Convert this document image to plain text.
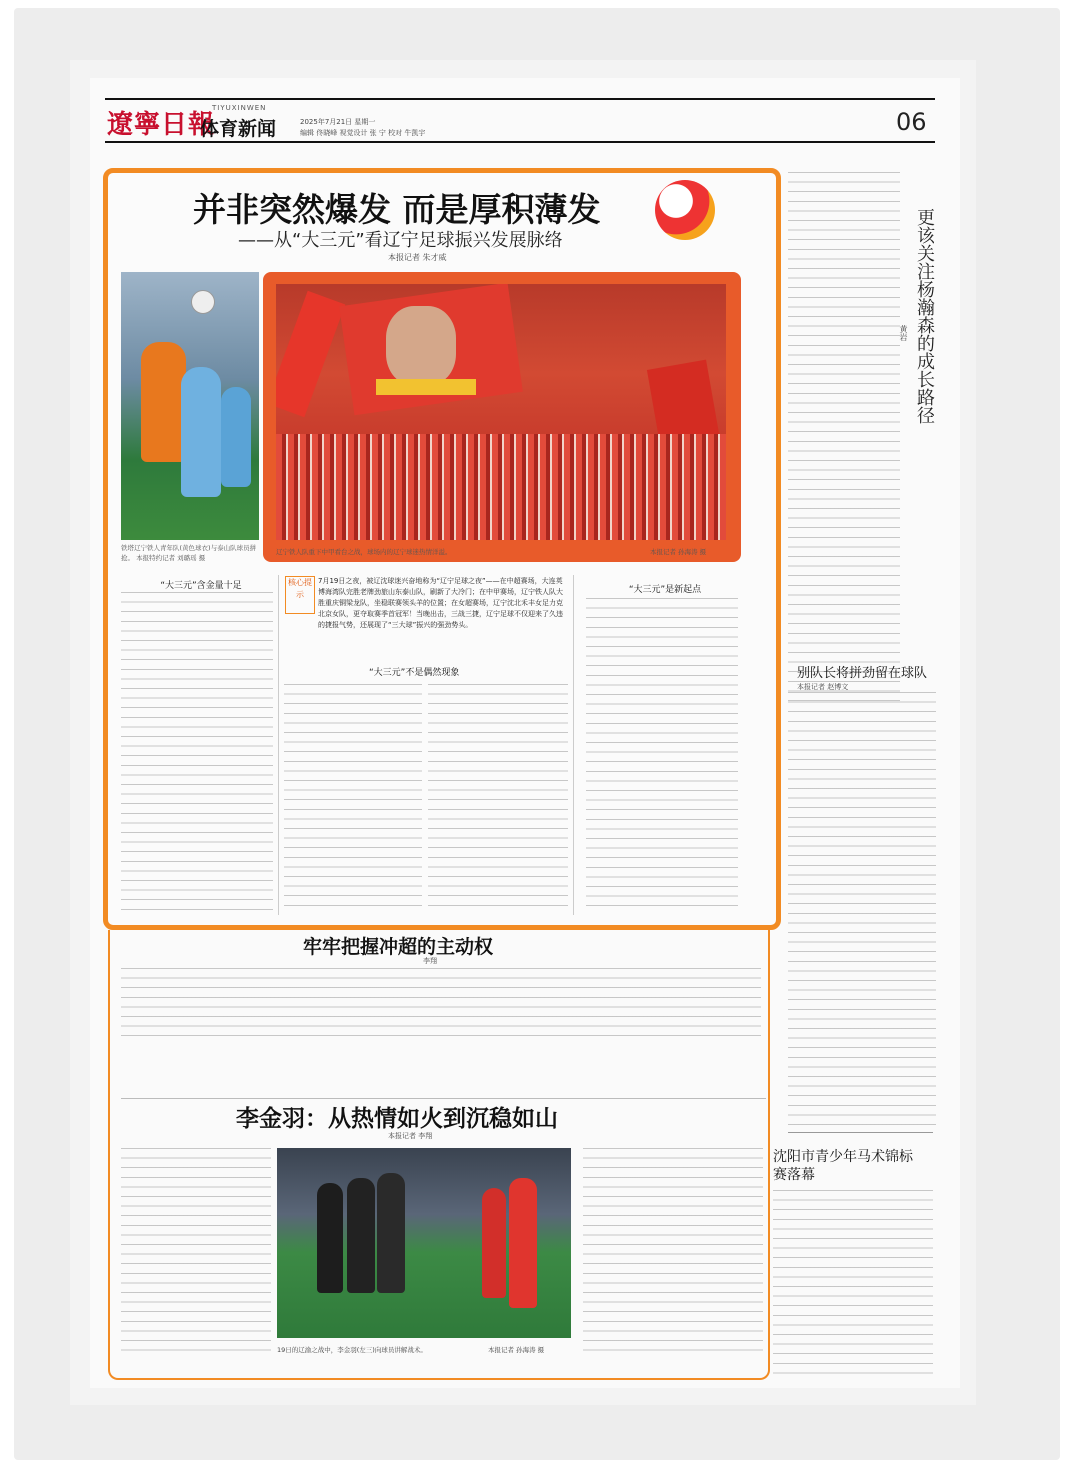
遼寧日報
TIYUXINWEN
体育新闻	2025年7月21日 星期一
编辑 佟晓峰 视觉设计 张 宁 校对 牛凯宇	06
更该关注杨瀚森的成长路径
黄岩
别队长将拼劲留在球队
本报记者 赵博文
沈阳市青少年马术锦标赛落幕
牢牢把握冲超的主动权
李翔
李金羽：从热情如火到沉稳如山
本报记者 李翔
19日的辽渝之战中，李金羽(左三)向球员讲解战术。	本报记者 孙海涛 摄
并非突然爆发 而是厚积薄发
——从“大三元”看辽宁足球振兴发展脉络
本报记者 朱才威
铁塔辽宁铁人青年队(黄色球衣)与泰山队球员拼抢。 本报特约记者 刘璐瑶 摄
辽宁铁人队重下中甲看台之战，球场内的辽宁球迷热情洋溢。	本报记者 孙海涛 摄
“大三元”含金量十足	核心提示
7月19日之夜，被辽沈球迷兴奋地称为“辽宁足球之夜”——在中超赛场，大连英博海湾队完胜老牌劲旅山东泰山队，刷新了大冷门；在中甲赛场，辽宁铁人队大胜重庆铜梁龙队，坐稳联赛领头羊的位置；在女超赛场，辽宁沈北禾丰女足力克北京女队，更夺取赛季首冠军！当晚出击，三战三捷，辽宁足球不仅迎来了久违的捷报气势，还展现了“三大球”振兴的强劲势头。
“大三元”不是偶然现象
“大三元”是新起点
